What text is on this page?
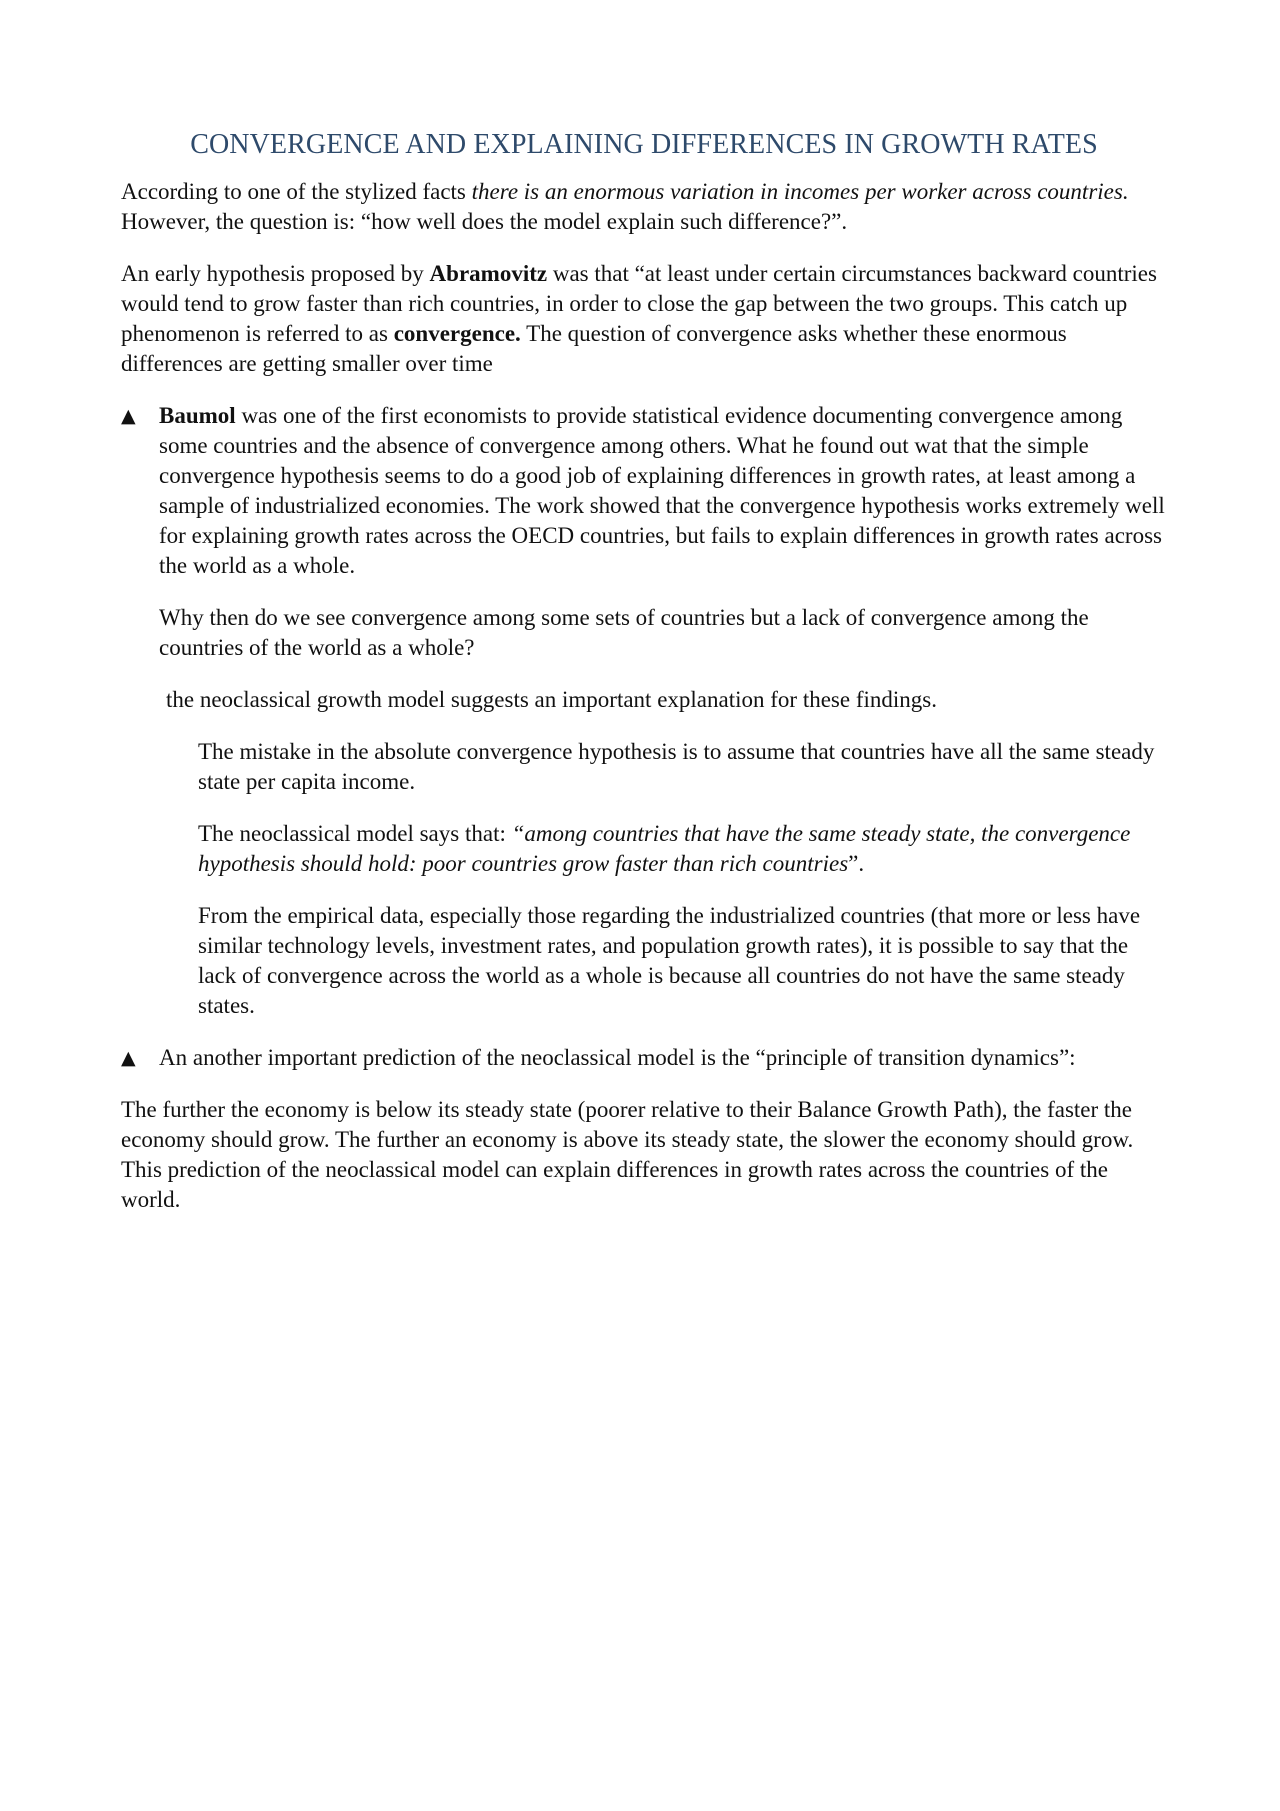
CONVERGENCE AND EXPLAINING DIFFERENCES IN GROWTH RATES

According to one of the stylized facts there is an enormous variation in incomes per worker across countries. However, the question is: “how well does the model explain such difference?”.

An early hypothesis proposed by Abramovitz was that “at least under certain circumstances backward countries would tend to grow faster than rich countries, in order to close the gap between the two groups. This catch up phenomenon is referred to as convergence. The question of convergence asks whether these enormous differences are getting smaller over time

▲ Baumol was one of the first economists to provide statistical evidence documenting convergence among some countries and the absence of convergence among others. What he found out wat that the simple convergence hypothesis seems to do a good job of explaining differences in growth rates, at least among a sample of industrialized economies. The work showed that the convergence hypothesis works extremely well for explaining growth rates across the OECD countries, but fails to explain differences in growth rates across the world as a whole.

Why then do we see convergence among some sets of countries but a lack of convergence among the countries of the world as a whole?

the neoclassical growth model suggests an important explanation for these findings.

The mistake in the absolute convergence hypothesis is to assume that countries have all the same steady state per capita income.

The neoclassical model says that: “among countries that have the same steady state, the convergence hypothesis should hold: poor countries grow faster than rich countries”.

From the empirical data, especially those regarding the industrialized countries (that more or less have similar technology levels, investment rates, and population growth rates), it is possible to say that the lack of convergence across the world as a whole is because all countries do not have the same steady states.

▲ An another important prediction of the neoclassical model is the “principle of transition dynamics”:

The further the economy is below its steady state (poorer relative to their Balance Growth Path), the faster the economy should grow. The further an economy is above its steady state, the slower the economy should grow. This prediction of the neoclassical model can explain differences in growth rates across the countries of the world.
